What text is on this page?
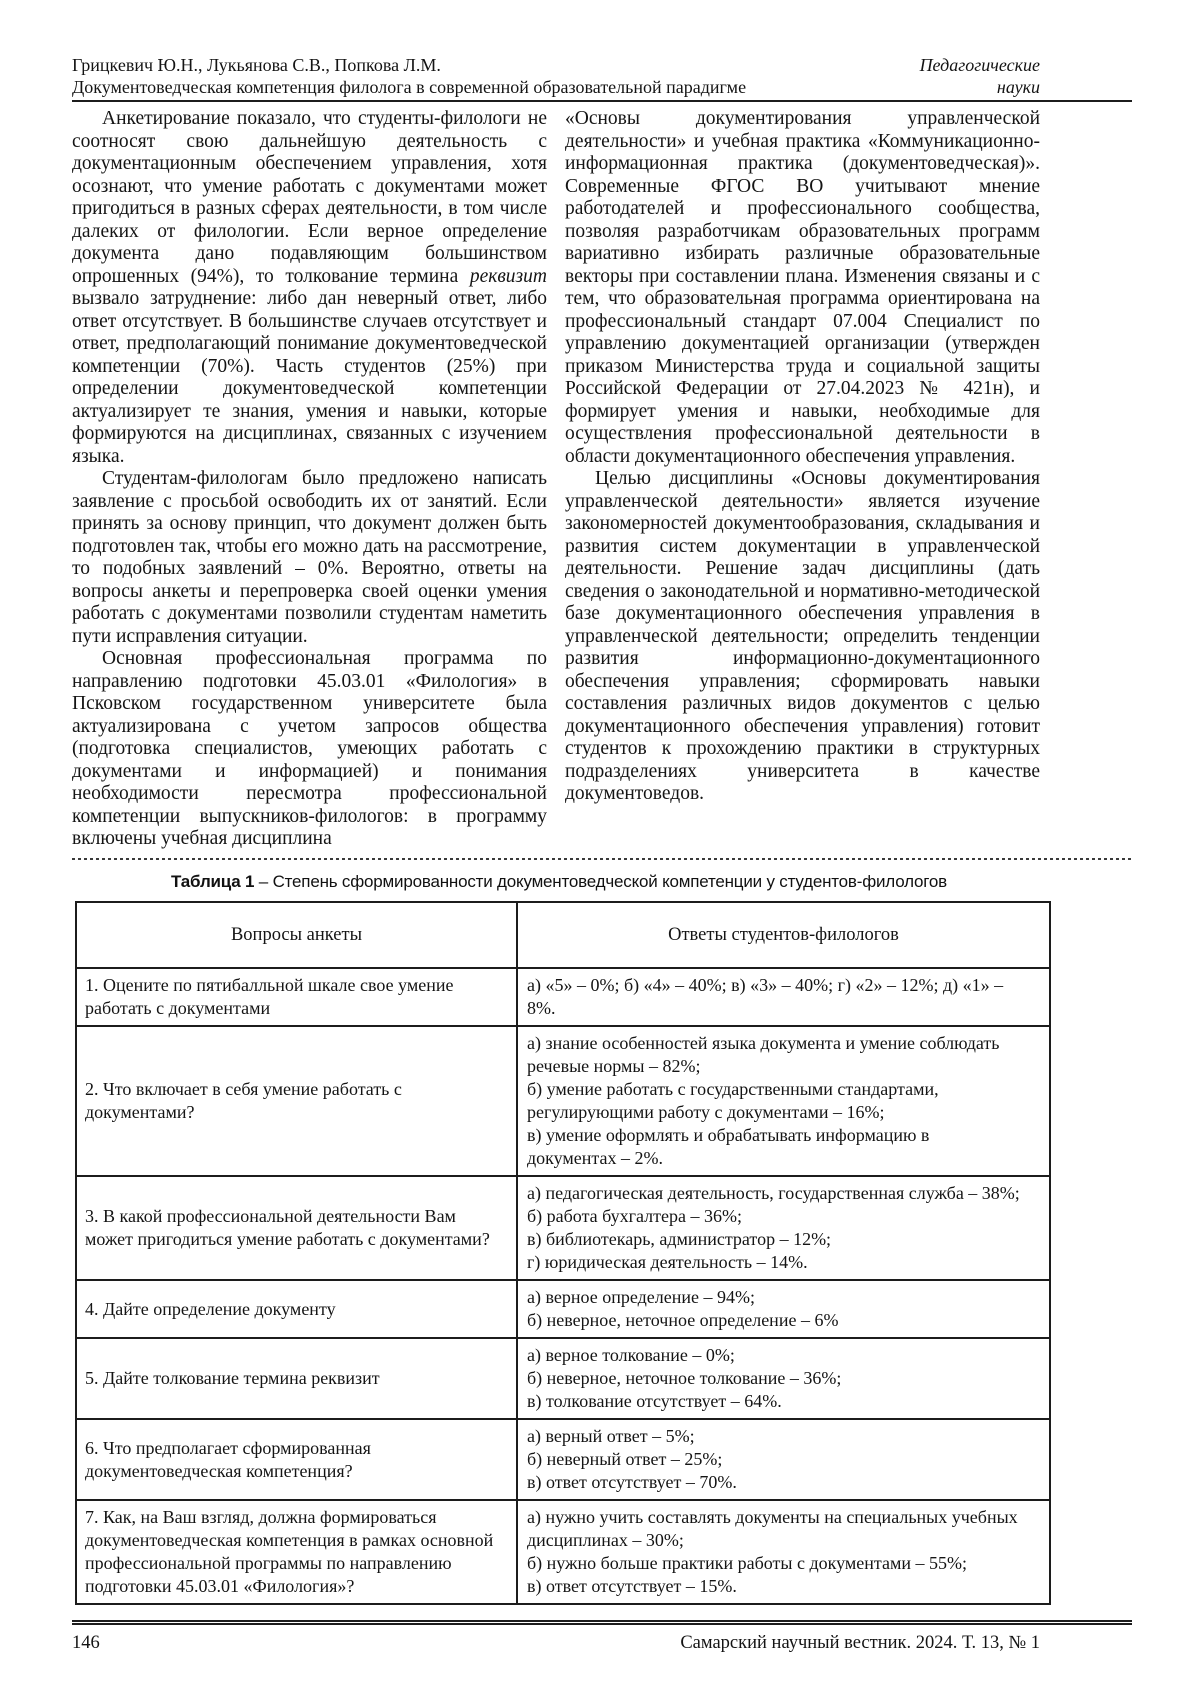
Грицкевич Ю.Н., Лукьянова С.В., Попкова Л.М.	Педагогические
Документоведческая компетенция филолога в современной образовательной парадигме	науки

Анкетирование показало, что студенты-филологи не соотносят свою дальнейшую деятельность с документационным обеспечением управления, хотя осознают, что умение работать с документами может пригодиться в разных сферах деятельности, в том числе далеких от филологии. Если верное определение документа дано подавляющим большинством опрошенных (94%), то толкование термина реквизит вызвало затруднение: либо дан неверный ответ, либо ответ отсутствует. В большинстве случаев отсутствует и ответ, предполагающий понимание документоведческой компетенции (70%). Часть студентов (25%) при определении документоведческой компетенции актуализирует те знания, умения и навыки, которые формируются на дисциплинах, связанных с изучением языка.

Студентам-филологам было предложено написать заявление с просьбой освободить их от занятий. Если принять за основу принцип, что документ должен быть подготовлен так, чтобы его можно дать на рассмотрение, то подобных заявлений – 0%. Вероятно, ответы на вопросы анкеты и перепроверка своей оценки умения работать с документами позволили студентам наметить пути исправления ситуации.

Основная профессиональная программа по направлению подготовки 45.03.01 «Филология» в Псковском государственном университете была актуализирована с учетом запросов общества (подготовка специалистов, умеющих работать с документами и информацией) и понимания необходимости пересмотра профессиональной компетенции выпускников-филологов: в программу включены учебная дисциплина

«Основы документирования управленческой деятельности» и учебная практика «Коммуникационно-информационная практика (документоведческая)». Современные ФГОС ВО учитывают мнение работодателей и профессионального сообщества, позволяя разработчикам образовательных программ вариативно избирать различные образовательные векторы при составлении плана. Изменения связаны и с тем, что образовательная программа ориентирована на профессиональный стандарт 07.004 Специалист по управлению документацией организации (утвержден приказом Министерства труда и социальной защиты Российской Федерации от 27.04.2023 № 421н), и формирует умения и навыки, необходимые для осуществления профессиональной деятельности в области документационного обеспечения управления.

Целью дисциплины «Основы документирования управленческой деятельности» является изучение закономерностей документообразования, складывания и развития систем документации в управленческой деятельности. Решение задач дисциплины (дать сведения о законодательной и нормативно-методической базе документационного обеспечения управления в управленческой деятельности; определить тенденции развития информационно-документационного обеспечения управления; сформировать навыки составления различных видов документов с целью документационного обеспечения управления) готовит студентов к прохождению практики в структурных подразделениях университета в качестве документоведов.

Таблица 1 – Степень сформированности документоведческой компетенции у студентов-филологов
Вопросы анкеты	Ответы студентов-филологов
1. Оцените по пятибалльной шкале свое умение работать с документами	а) «5» – 0%; б) «4» – 40%; в) «3» – 40%; г) «2» – 12%; д) «1» – 8%.

2. Что включает в себя умение работать с документами?	а) знание особенностей языка документа и умение соблюдать речевые нормы – 82%;
б) умение работать с государственными стандартами, регулирующими работу с документами – 16%;
в) умение оформлять и обрабатывать информацию в документах – 2%.

3. В какой профессиональной деятельности Вам может пригодиться умение работать с документами?	а) педагогическая деятельность, государственная служба – 38%;
б) работа бухгалтера – 36%;
в) библиотекарь, администратор – 12%;
г) юридическая деятельность – 14%.

4. Дайте определение документу	а) верное определение – 94%;
б) неверное, неточное определение – 6%

5. Дайте толкование термина реквизит	а) верное толкование – 0%;
б) неверное, неточное толкование – 36%;
в) толкование отсутствует – 64%.

6. Что предполагает сформированная документоведческая компетенция?	а) верный ответ – 5%;
б) неверный ответ – 25%;
в) ответ отсутствует – 70%.

7. Как, на Ваш взгляд, должна формироваться документоведческая компетенция в рамках основной профессиональной программы по направлению подготовки 45.03.01 «Филология»?	а) нужно учить составлять документы на специальных учебных дисциплинах – 30%;
б) нужно больше практики работы с документами – 55%;
в) ответ отсутствует – 15%.
146	Самарский научный вестник. 2024. Т. 13, № 1
